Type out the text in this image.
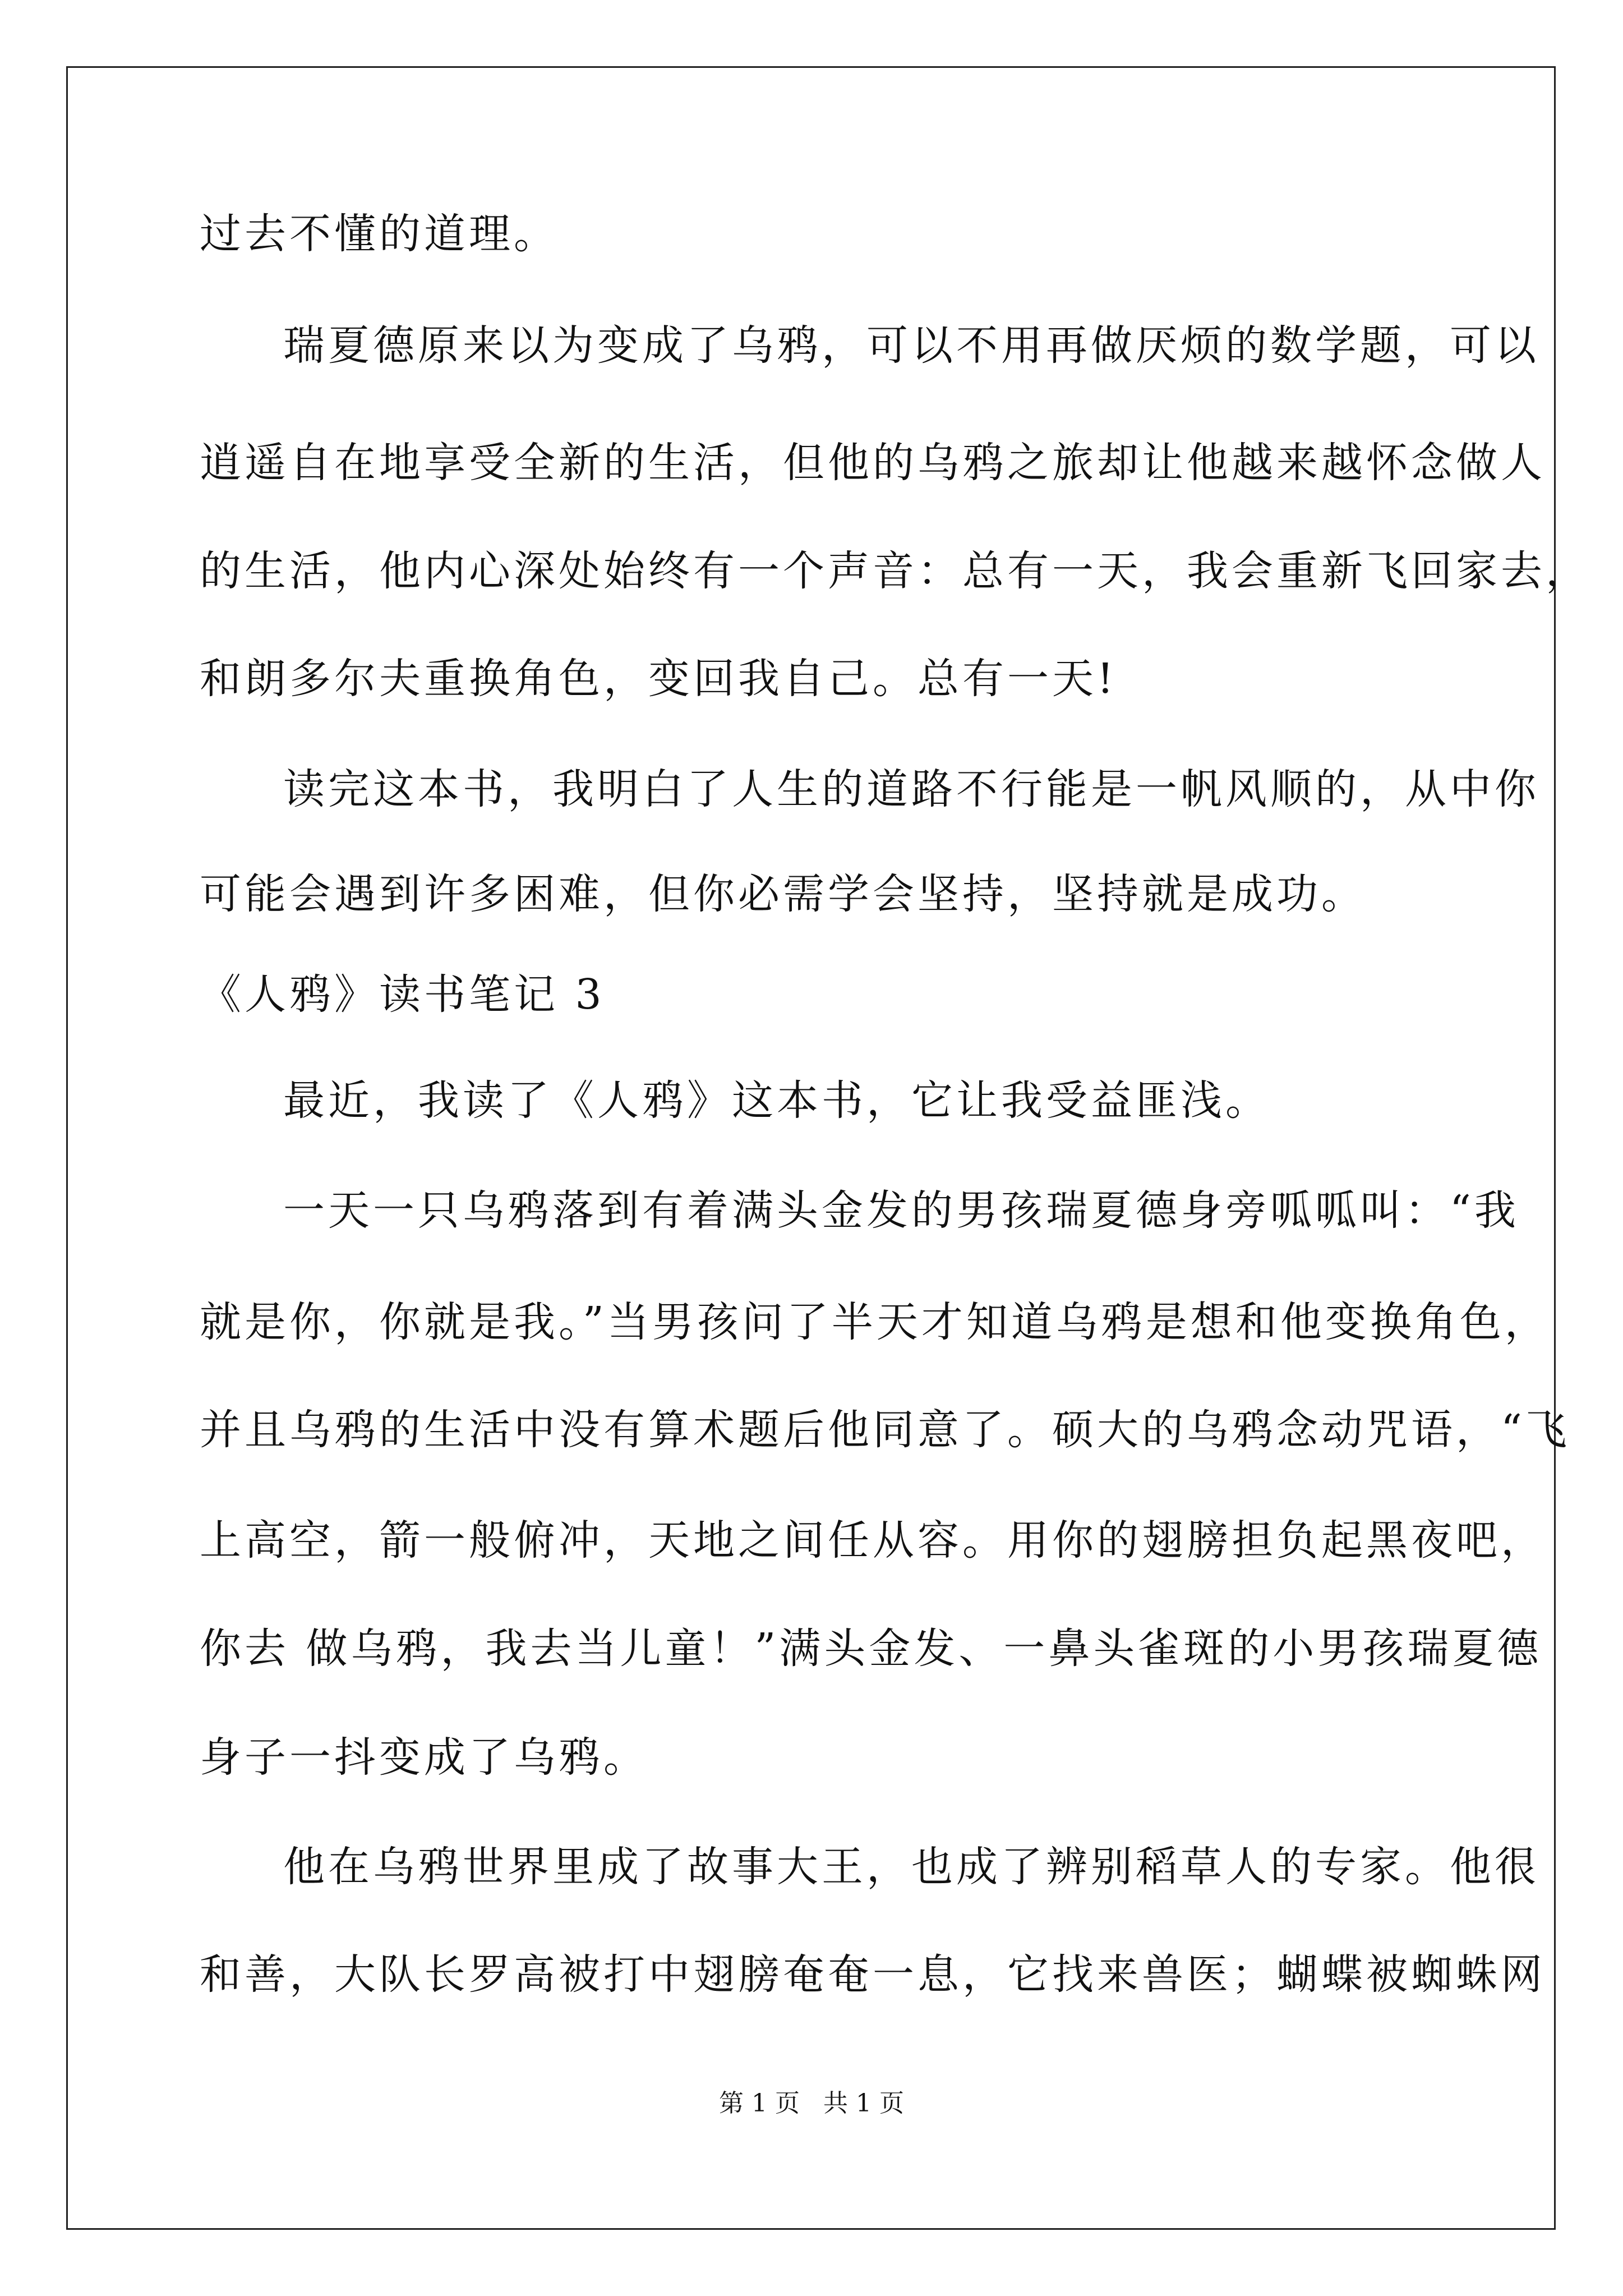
过去不懂的道理。
瑞夏德原来以为变成了乌鸦，可以不用再做厌烦的数学题，可以
逍遥自在地享受全新的生活，但他的乌鸦之旅却让他越来越怀念做人
的生活，他内心深处始终有一个声音：总有一天，我会重新飞回家去，
和朗多尔夫重换角色，变回我自己。总有一天!
读完这本书，我明白了人生的道路不行能是一帆风顺的，从中你
可能会遇到许多困难，但你必需学会坚持，坚持就是成功。
《人鸦》读书笔记 3
最近，我读了《人鸦》这本书，它让我受益匪浅。
一天一只乌鸦落到有着满头金发的男孩瑞夏德身旁呱呱叫：“我
就是你，你就是我。”当男孩问了半天才知道乌鸦是想和他变换角色，
并且乌鸦的生活中没有算术题后他同意了。硕大的乌鸦念动咒语，“飞
上高空，箭一般俯冲，天地之间任从容。用你的翅膀担负起黑夜吧，
你去 做乌鸦，我去当儿童！”满头金发、一鼻头雀斑的小男孩瑞夏德
身子一抖变成了乌鸦。
他在乌鸦世界里成了故事大王，也成了辨别稻草人的专家。他很
和善，大队长罗高被打中翅膀奄奄一息，它找来兽医；蝴蝶被蜘蛛网
第 1 页 共 1 页
